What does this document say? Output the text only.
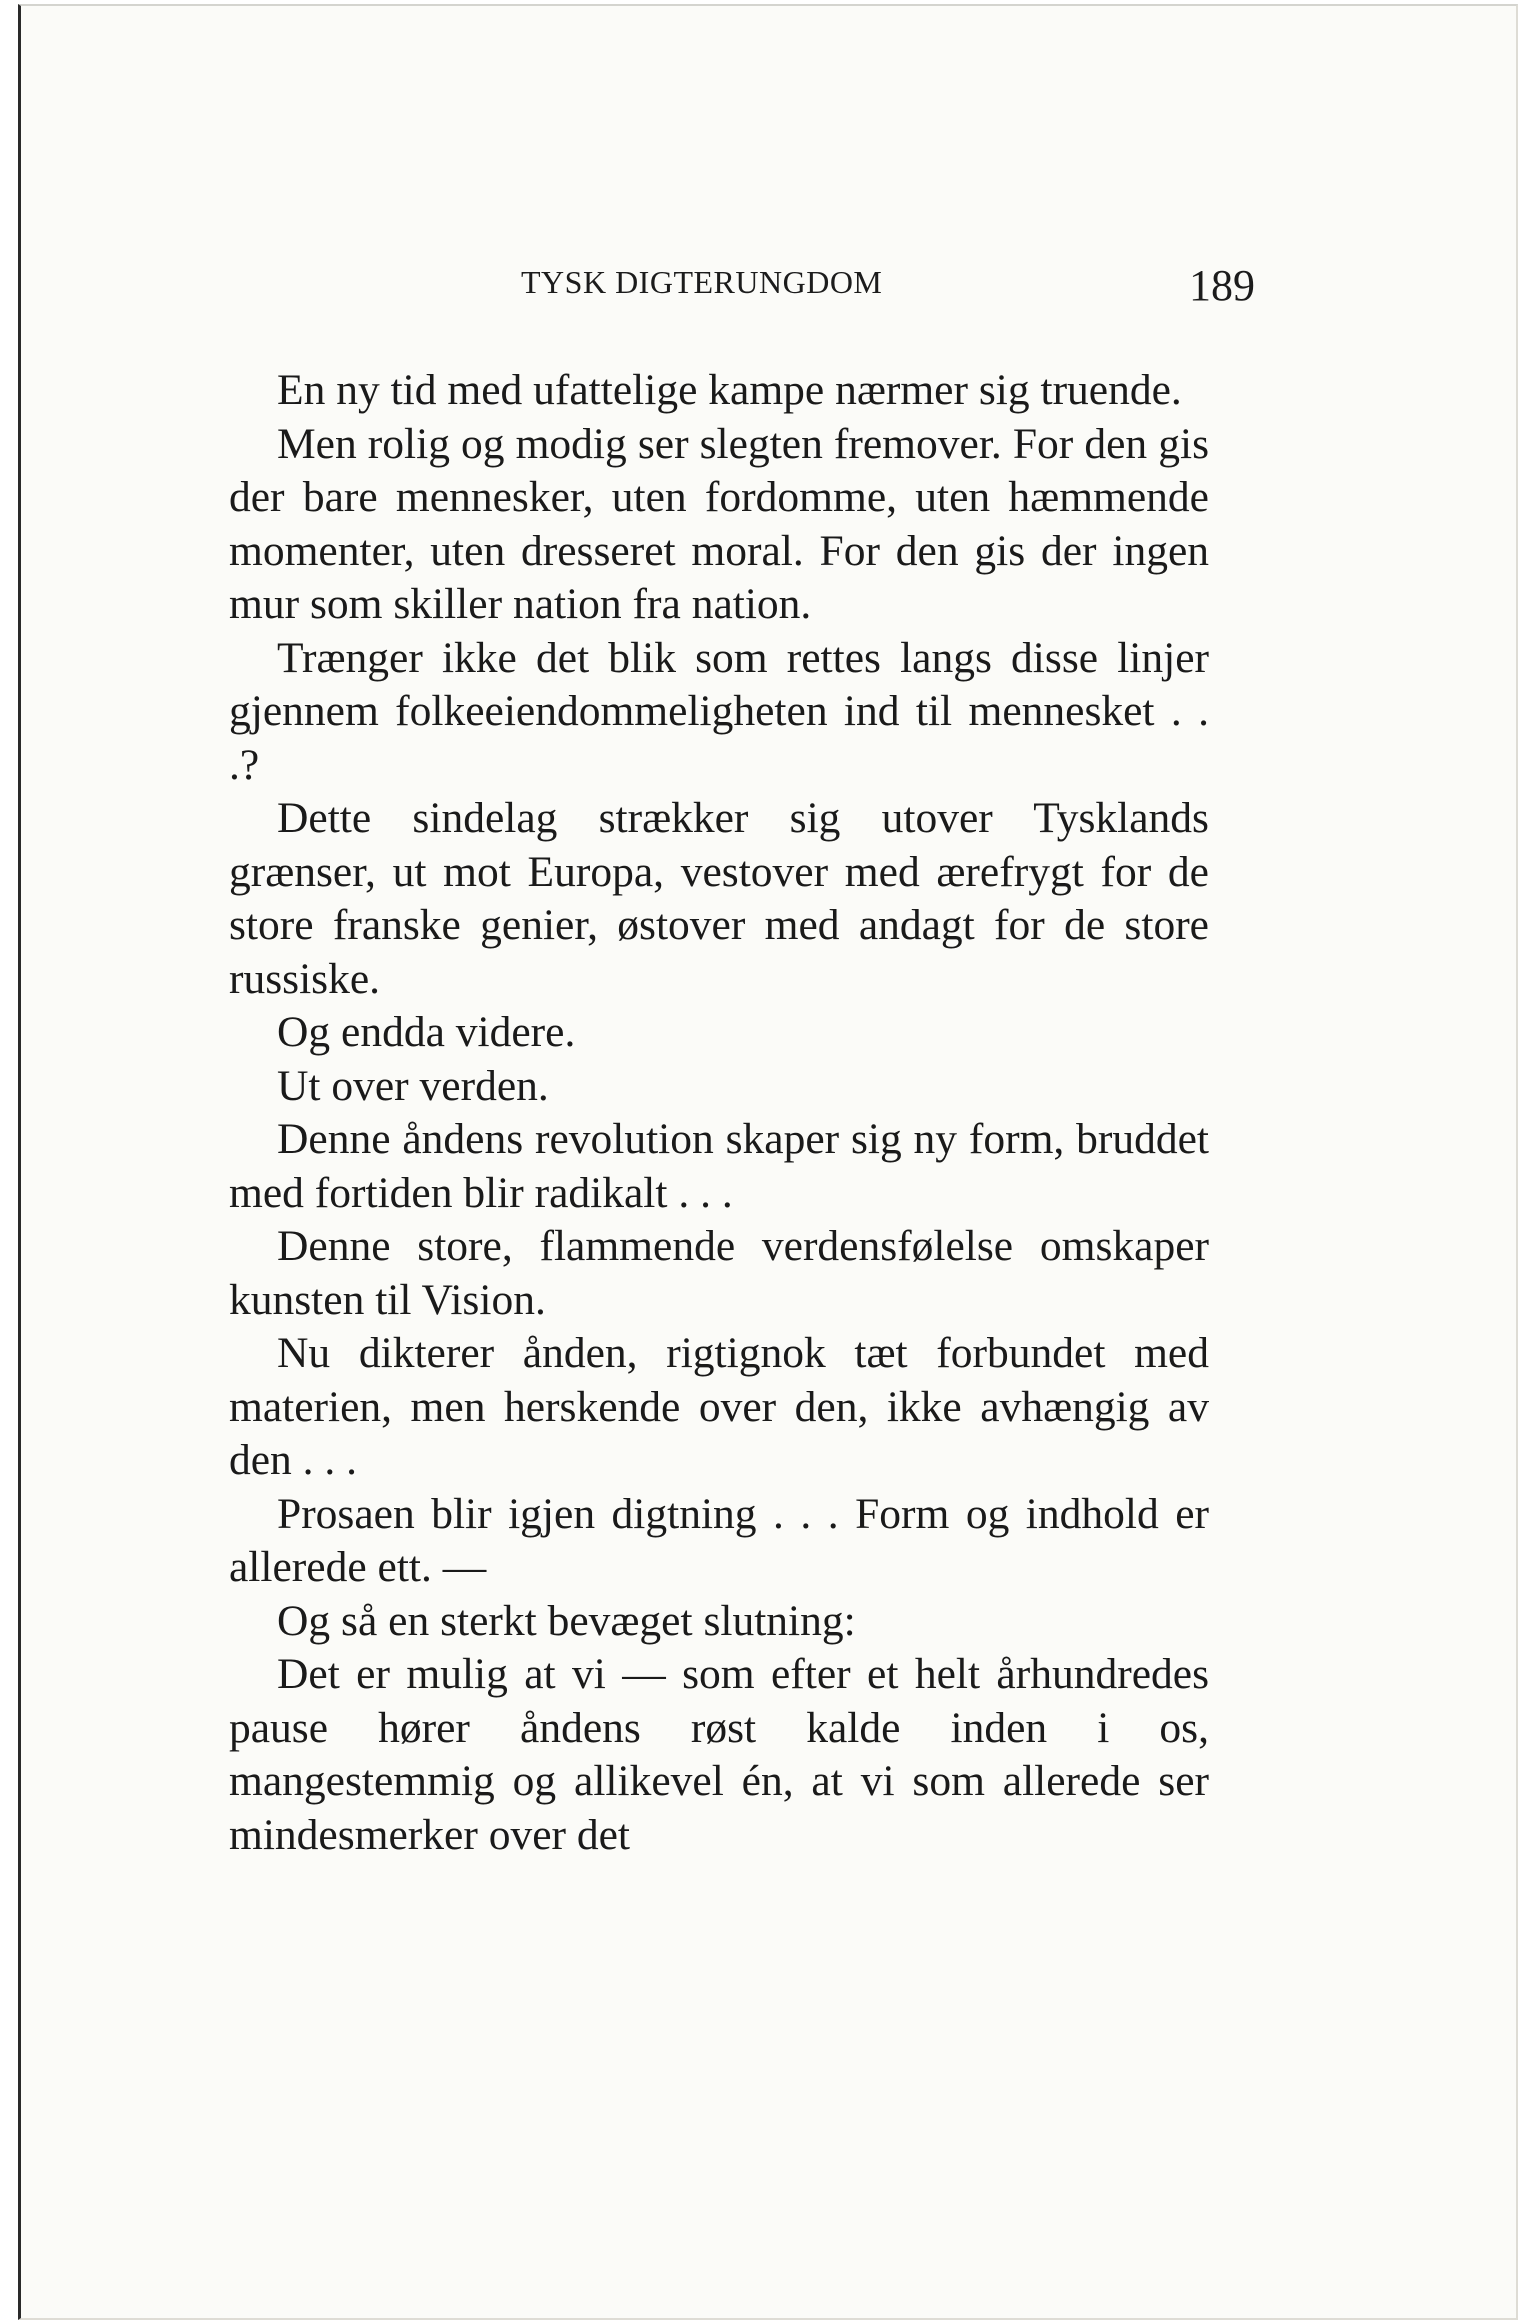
TYSK DIGTERUNGDOM	189

En ny tid med ufattelige kampe nærmer sig truende.

Men rolig og modig ser slegten fremover. For den gis der bare mennesker, uten fordomme, uten hæmmende momenter, uten dresseret moral. For den gis der ingen mur som skiller nation fra nation.

Trænger ikke det blik som rettes langs disse linjer gjennem folkeeiendommeligheten ind til mennesket . . .?

Dette sindelag strækker sig utover Tysklands grænser, ut mot Europa, vestover med ærefrygt for de store franske genier, østover med andagt for de store russiske.

Og endda videre.

Ut over verden.

Denne åndens revolution skaper sig ny form, bruddet med fortiden blir radikalt . . .

Denne store, flammende verdensfølelse omskaper kunsten til Vision.

Nu dikterer ånden, rigtignok tæt forbundet med materien, men herskende over den, ikke avhængig av den . . .

Prosaen blir igjen digtning . . . Form og indhold er allerede ett. —

Og så en sterkt bevæget slutning:

Det er mulig at vi — som efter et helt århundredes pause hører åndens røst kalde inden i os, mangestemmig og allikevel én, at vi som allerede ser mindesmerker over det
